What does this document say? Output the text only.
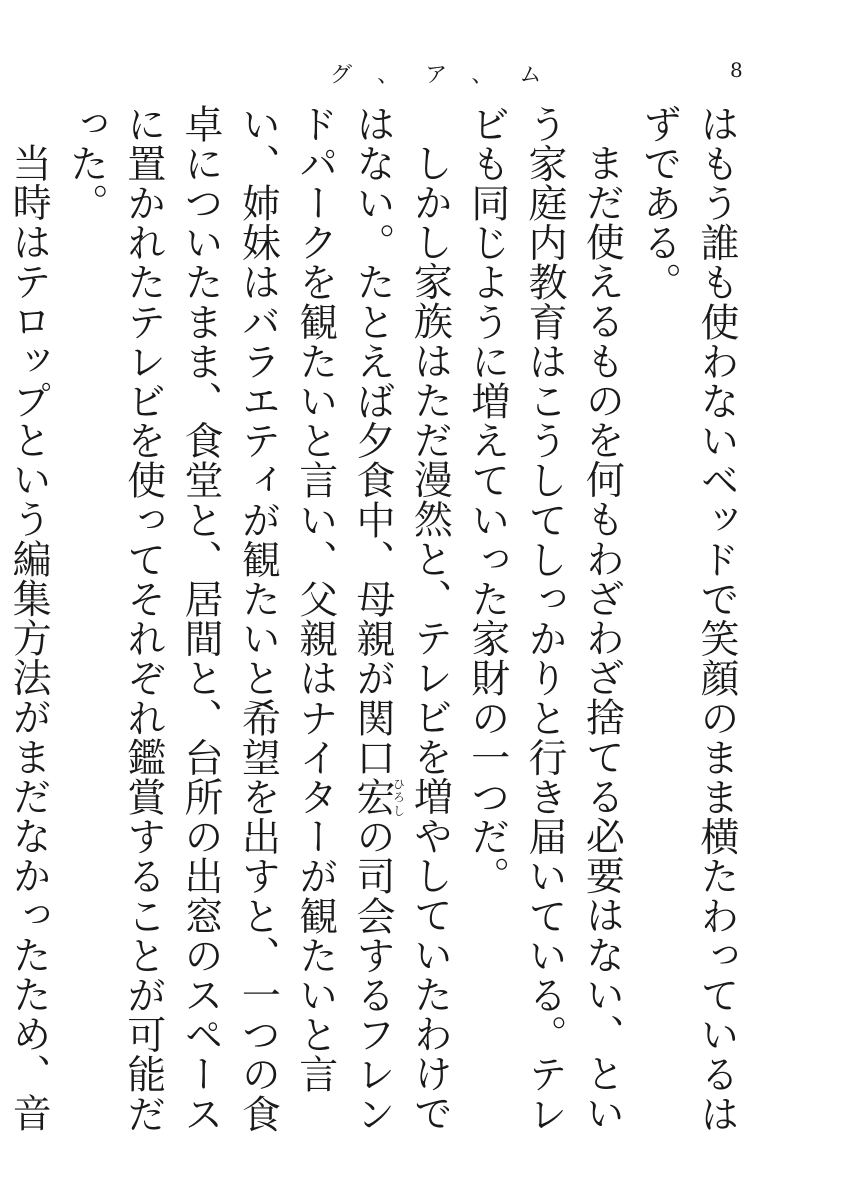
グ、ア、ム	8

はもう誰も使わないベッドで笑顔のまま横たわっているはずである。

まだ使えるものを何もわざわざ捨てる必要はない、という家庭内教育はこうしてしっかりと行き届いている。テレビも同じように増えていった家財の一つだ。

しかし家族はただ漫然と、テレビを増やしていたわけではない。たとえば夕食中、母親が関口宏ひろしの司会するフレンドパークを観たいと言い、父親はナイターが観たいと言い、姉妹はバラエティが観たいと希望を出すと、一つの食卓についたまま、食堂と、居間と、台所の出窓のスペースに置かれたテレビを使ってそれぞれ鑑賞することが可能だった。

当時はテロップという編集方法がまだなかったため、音
